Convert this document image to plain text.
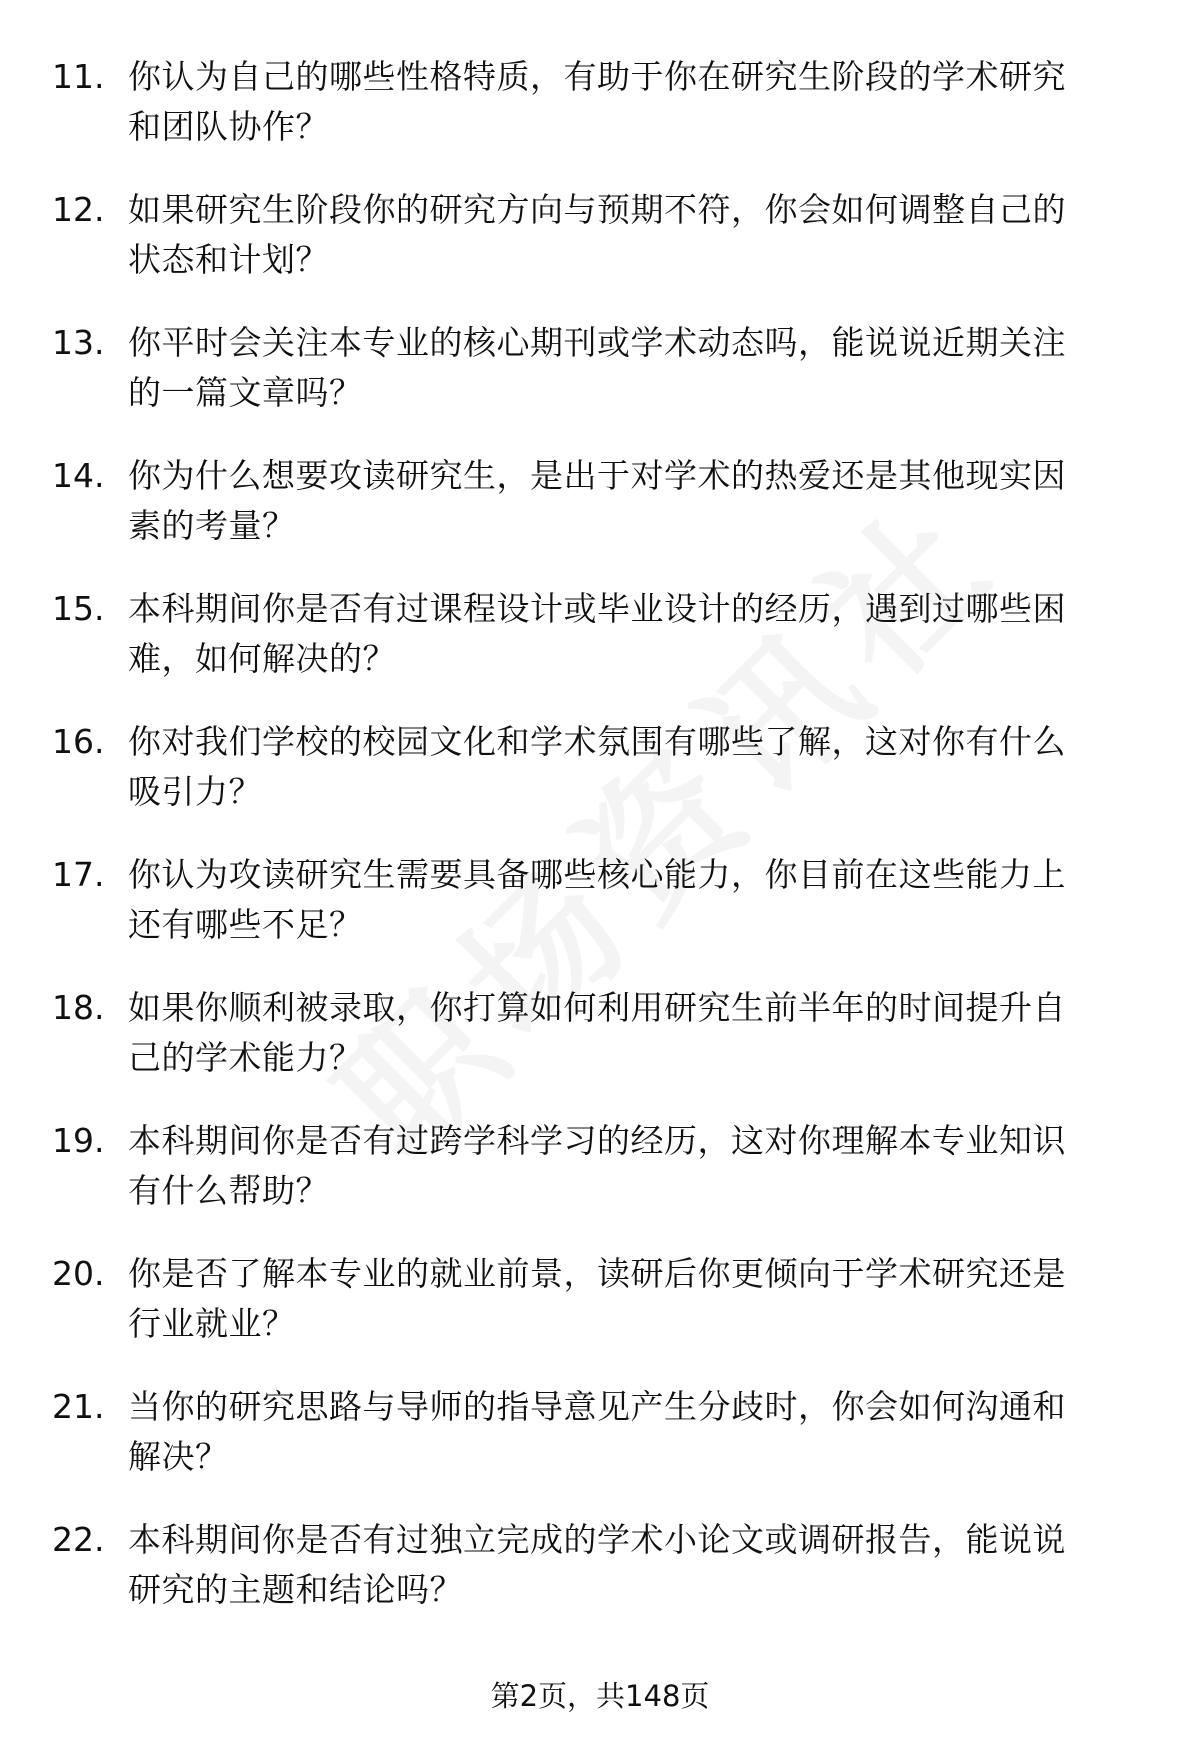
11. 你认为自己的哪些性格特质，有助于你在研究生阶段的学术研究
和团队协作？
12. 如果研究生阶段你的研究方向与预期不符，你会如何调整自己的
状态和计划？
13. 你平时会关注本专业的核心期刊或学术动态吗，能说说近期关注
的一篇文章吗？
14. 你为什么想要攻读研究生，是出于对学术的热爱还是其他现实因
素的考量？
15. 本科期间你是否有过课程设计或毕业设计的经历，遇到过哪些困
难，如何解决的？
16. 你对我们学校的校园文化和学术氛围有哪些了解，这对你有什么
吸引力？
17. 你认为攻读研究生需要具备哪些核心能力，你目前在这些能力上
还有哪些不足？
18. 如果你顺利被录取，你打算如何利用研究生前半年的时间提升自
己的学术能力？
19. 本科期间你是否有过跨学科学习的经历，这对你理解本专业知识
有什么帮助？
20. 你是否了解本专业的就业前景，读研后你更倾向于学术研究还是
行业就业？
21. 当你的研究思路与导师的指导意见产生分歧时，你会如何沟通和
解决？
22. 本科期间你是否有过独立完成的学术小论文或调研报告，能说说
研究的主题和结论吗？
第2页，共148页
